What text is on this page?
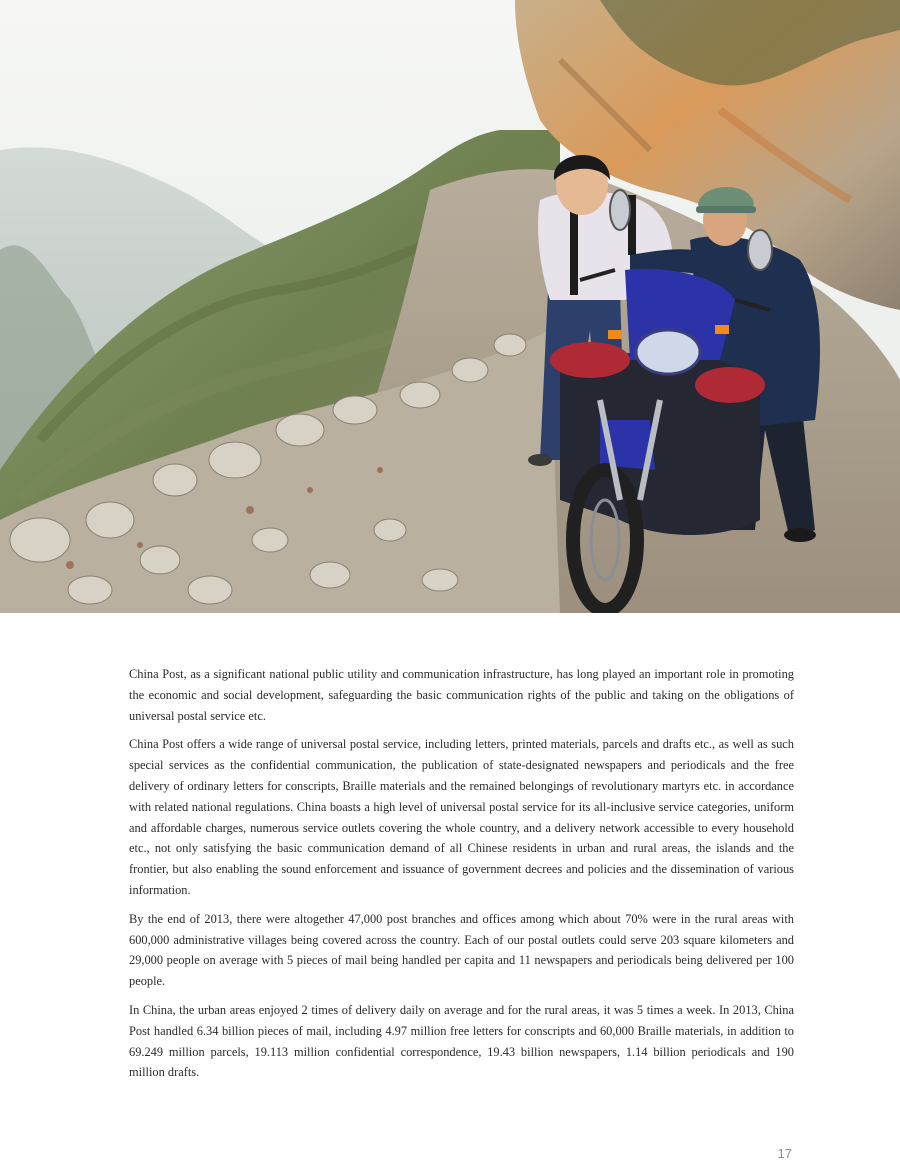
China Post, as a significant national public utility and communication infrastructure, has long played an important role in promoting the economic and social development, safeguarding the basic communication rights of the public and taking on the obligations of universal postal service etc.

China Post offers a wide range of universal postal service, including letters, printed materials, parcels and drafts etc., as well as such special services as the confidential communication, the publication of state-designated newspapers and periodicals and the free delivery of ordinary letters for conscripts, Braille materials and the remained belongings of revolutionary martyrs etc. in accordance with related national regulations. China boasts a high level of universal postal service for its all-inclusive service categories, uniform and affordable charges, numerous service outlets covering the whole country, and a delivery network accessible to every household etc., not only satisfying the basic communication demand of all Chinese residents in urban and rural areas, the islands and the frontier, but also enabling the sound enforcement and issuance of government decrees and policies and the dissemination of various information.

By the end of 2013, there were altogether 47,000 post branches and offices among which about 70% were in the rural areas with 600,000 administrative villages being covered across the country. Each of our postal outlets could serve 203 square kilometers and 29,000 people on average with 5 pieces of mail being handled per capita and 11 newspapers and periodicals being delivered per 100 people.

In China, the urban areas enjoyed 2 times of delivery daily on average and for the rural areas, it was 5 times a week. In 2013, China Post handled 6.34 billion pieces of mail, including 4.97 million free letters for conscripts and 60,000 Braille materials, in addition to 69.249 million parcels, 19.113 million confidential correspondence, 19.43 billion newspapers, 1.14 billion periodicals and 190 million drafts.

17
